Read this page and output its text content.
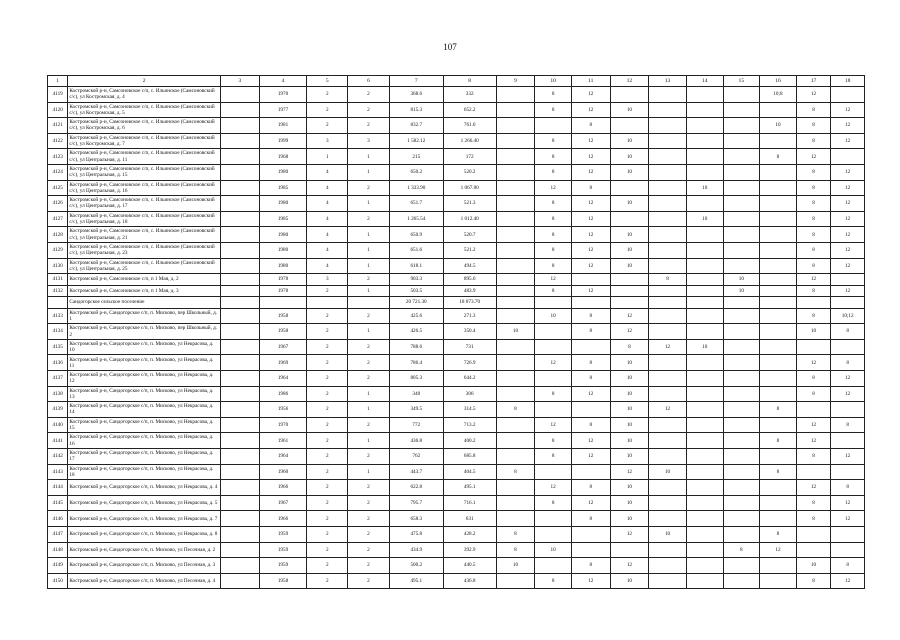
107
1	2	3	4	5	6	7	8	9	10	11	12	13	14	15	16	17	18
4119	Костромской р-н, Самсоновское с/п, с. Ильинское (Самсоновский с/с), ул Костромская, д. 4		1970	2	2	368.6	332		8	12					10;8	12	
4120	Костромской р-н, Самсоновское с/п, с. Ильинское (Самсоновский с/с), ул Костромская, д. 5		1977	2	2	815.3	652.2		8	12	10					8	12
4121	Костромской р-н, Самсоновское с/п, с. Ильинское (Самсоновский с/с), ул Костромская, д. 6		1981	2	2	832.7	761.6			8					10	8	12
4122	Костромской р-н, Самсоновское с/п, с. Ильинское (Самсоновский с/с), ул Костромская, д. 7		1999	3	3	1 582.12	1 266.40		8	12	10					8	12
4123	Костромской р-н, Самсоновское с/п, с. Ильинское (Самсоновский с/с), ул Центральная, д. 11		1968	1	1	215	172		8	12	10				8	12	
4124	Костромской р-н, Самсоновское с/п, с. Ильинское (Самсоновский с/с), ул Центральная, д. 15		1980	4	1	650.2	520.2		8	12	10					8	12
4125	Костромской р-н, Самсоновское с/п, с. Ильинское (Самсоновский с/с), ул Центральная, д. 16		1985	4	2	1 333.90	1 067.00		12	8			10			8	12
4126	Костромской р-н, Самсоновское с/п, с. Ильинское (Самсоновский с/с), ул Центральная, д. 17		1980	4	1	651.7	521.3		8	12	10					8	12
4127	Костромской р-н, Самсоновское с/п, с. Ильинское (Самсоновский с/с), ул Центральная, д. 18		1985	4	2	1 265.54	1 012.40		8	12			10			8	12
4128	Костромской р-н, Самсоновское с/п, с. Ильинское (Самсоновский с/с), ул Центральная, д. 21		1980	4	1	650.9	520.7		8	12	10					8	12
4129	Костромской р-н, Самсоновское с/п, с. Ильинское (Самсоновский с/с), ул Центральная, д. 23		1980	4	1	651.6	521.2		8	12	10					8	12
4130	Костромской р-н, Самсоновское с/п, с. Ильинское (Самсоновский с/с), ул Центральная, д. 25		1980	4	1	618.1	494.5		8	12	10					8	12
4131	Костромской р-н, Самсоновское с/п, п 1 Мая, д. 2		1978	3	2	903.3	895.6		12			8		10		12	
4132	Костромской р-н, Самсоновское с/п, п 1 Мая, д. 3		1978	2	1	503.5	483.9		8	12				10		8	12
	Сандогорское сельское поселение					20 721.30	18 073.70										
4133	Костромской р-н, Сандогорское с/п, п. Мисково, пер Школьный, д. 1		1958	2	2	425.6	271.3		10	8	12					8	10;12
4134	Костромской р-н, Сандогорское с/п, п. Мисково, пер Школьный, д. 2		1958	2	1	426.5	350.4	10		8	12					10	8
4135	Костромской р-н, Сандогорское с/п, п. Мисково, ул Некрасова, д. 10		1967	2	2	788.6	731				8	12	10				
4136	Костромской р-н, Сандогорское с/п, п. Мисково, ул Некрасова, д. 11		1969	2	2	786.4	726.9		12	8	10					12	8
4137	Костромской р-н, Сандогорское с/п, п. Мисково, ул Некрасова, д. 12		1964	2	2	805.3	644.2			8	10					8	12
4138	Костромской р-н, Сандогорское с/п, п. Мисково, ул Некрасова, д. 13		1986	2	1	340	306		8	12	10					8	12
4139	Костромской р-н, Сандогорское с/п, п. Мисково, ул Некрасова, д. 14		1956	2	1	349.5	314.5	8			10	12			8		
4140	Костромской р-н, Сандогорское с/п, п. Мисково, ул Некрасова, д. 15		1970	2	2	772	713.2		12	8	10					12	8
4141	Костромской р-н, Сандогорское с/п, п. Мисково, ул Некрасова, д. 16		1961	2	1	436.8	400.2		8	12	10				8	12	
4142	Костромской р-н, Сандогорское с/п, п. Мисково, ул Некрасова, д. 17		1964	2	2	762	685.8		8	12	10					8	12
4143	Костромской р-н, Сандогорское с/п, п. Мисково, ул Некрасова, д. 18		1960	2	1	443.7	404.5	8			12	10			8		
4144	Костромской р-н, Сандогорское с/п, п. Мисково, ул Некрасова, д. 4		1966	2	2	622.8	495.1		12	8	10					12	8
4145	Костромской р-н, Сандогорское с/п, п. Мисково, ул Некрасова, д. 5		1967	2	2	795.7	716.1		8	12	10					8	12
4146	Костромской р-н, Сандогорское с/п, п. Мисково, ул Некрасова, д. 7		1966	2	2	658.3	631			8	10					8	12
4147	Костромской р-н, Сандогорское с/п, п. Мисково, ул Некрасова, д. 8		1959	2	2	475.8	428.2	8			12	10			8		
4148	Костромской р-н, Сандогорское с/п, п. Мисково, ул Песочная, д. 2		1959	2	2	434.9	392.9	8	10					8	12		
4149	Костромской р-н, Сандогорское с/п, п. Мисково, ул Песочная, д. 3		1959	2	2	500.2	440.5	10		8	12					10	8
4150	Костромской р-н, Сандогорское с/п, п. Мисково, ул Песочная, д. 4		1958	2	2	495.1	436.8		8	12	10					8	12
